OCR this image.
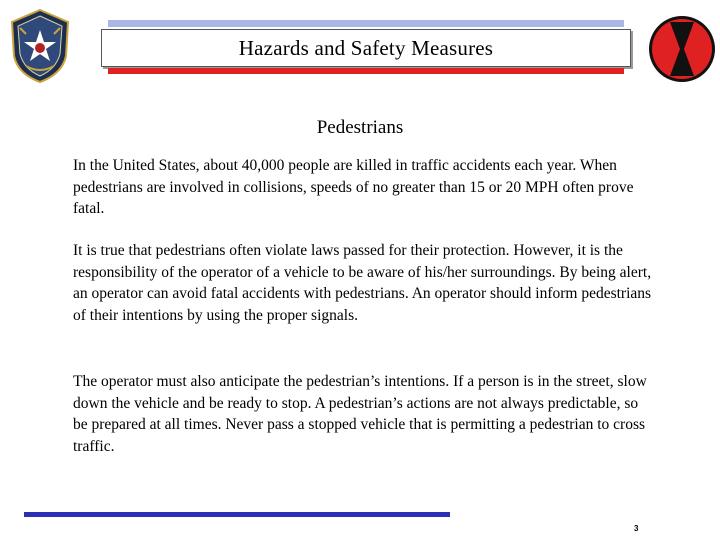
Hazards and Safety Measures
Pedestrians

In the United States, about 40,000 people are killed in traffic accidents each year. When pedestrians are involved in collisions, speeds of no greater than 15 or 20 MPH often prove fatal.

It is true that pedestrians often violate laws passed for their protection. However, it is the responsibility of the operator of a vehicle to be aware of his/her surroundings. By being alert, an operator can avoid fatal accidents with pedestrians. An operator should inform pedestrians of their intentions by using the proper signals.

The operator must also anticipate the pedestrian’s intentions. If a person is in the street, slow down the vehicle and be ready to stop. A pedestrian’s actions are not always predictable, so be prepared at all times. Never pass a stopped vehicle that is permitting a pedestrian to cross traffic.

3
